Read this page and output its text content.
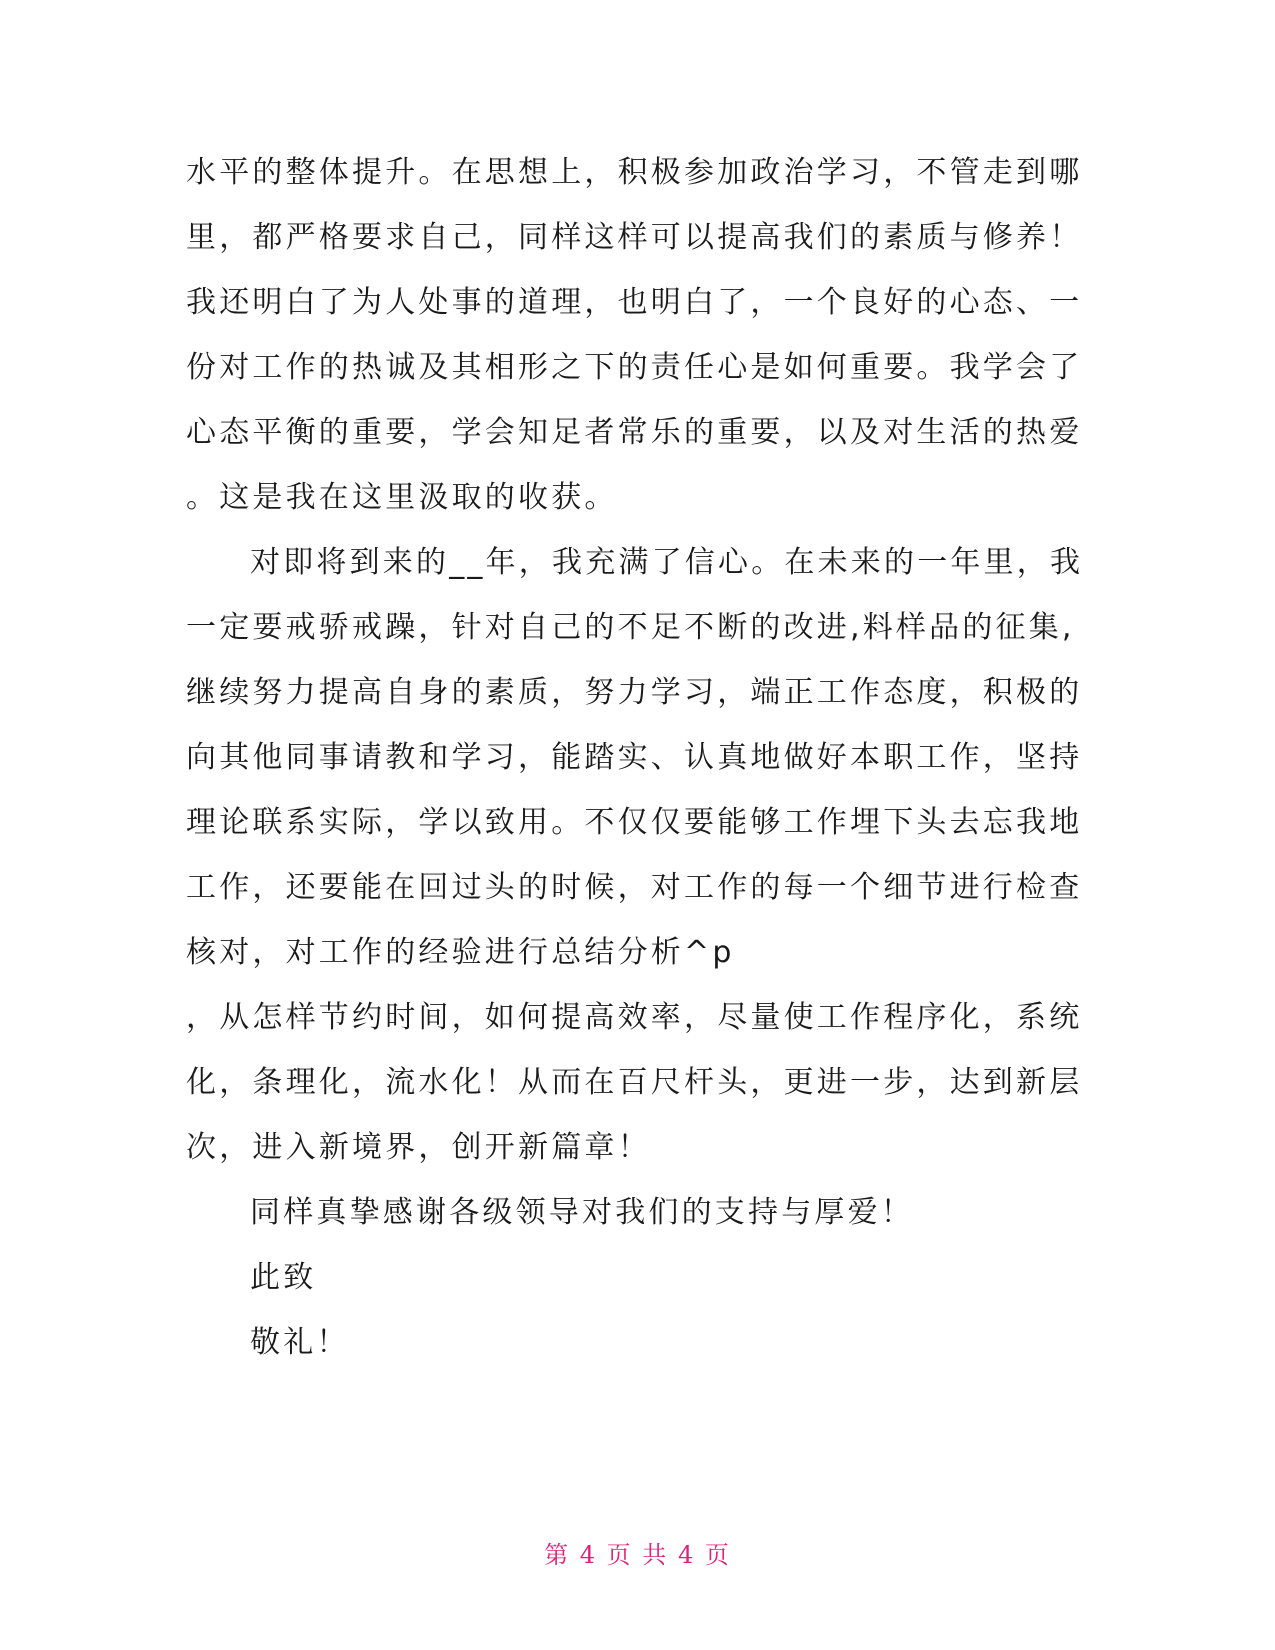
水平的整体提升。在思想上，积极参加政治学习，不管走到哪
里，都严格要求自己，同样这样可以提高我们的素质与修养！
我还明白了为人处事的道理，也明白了，一个良好的心态、一
份对工作的热诚及其相形之下的责任心是如何重要。我学会了
心态平衡的重要，学会知足者常乐的重要，以及对生活的热爱
。这是我在这里汲取的收获。
对即将到来的__年，我充满了信心。在未来的一年里，我
一定要戒骄戒躁，针对自己的不足不断的改进,料样品的征集,
继续努力提高自身的素质，努力学习，端正工作态度，积极的
向其他同事请教和学习，能踏实、认真地做好本职工作，坚持
理论联系实际，学以致用。不仅仅要能够工作埋下头去忘我地
工作，还要能在回过头的时候，对工作的每一个细节进行检查
核对，对工作的经验进行总结分析^p
，从怎样节约时间，如何提高效率，尽量使工作程序化，系统
化，条理化，流水化！从而在百尺杆头，更进一步，达到新层
次，进入新境界，创开新篇章！
同样真挚感谢各级领导对我们的支持与厚爱！
此致
敬礼！
第 4 页 共 4 页
